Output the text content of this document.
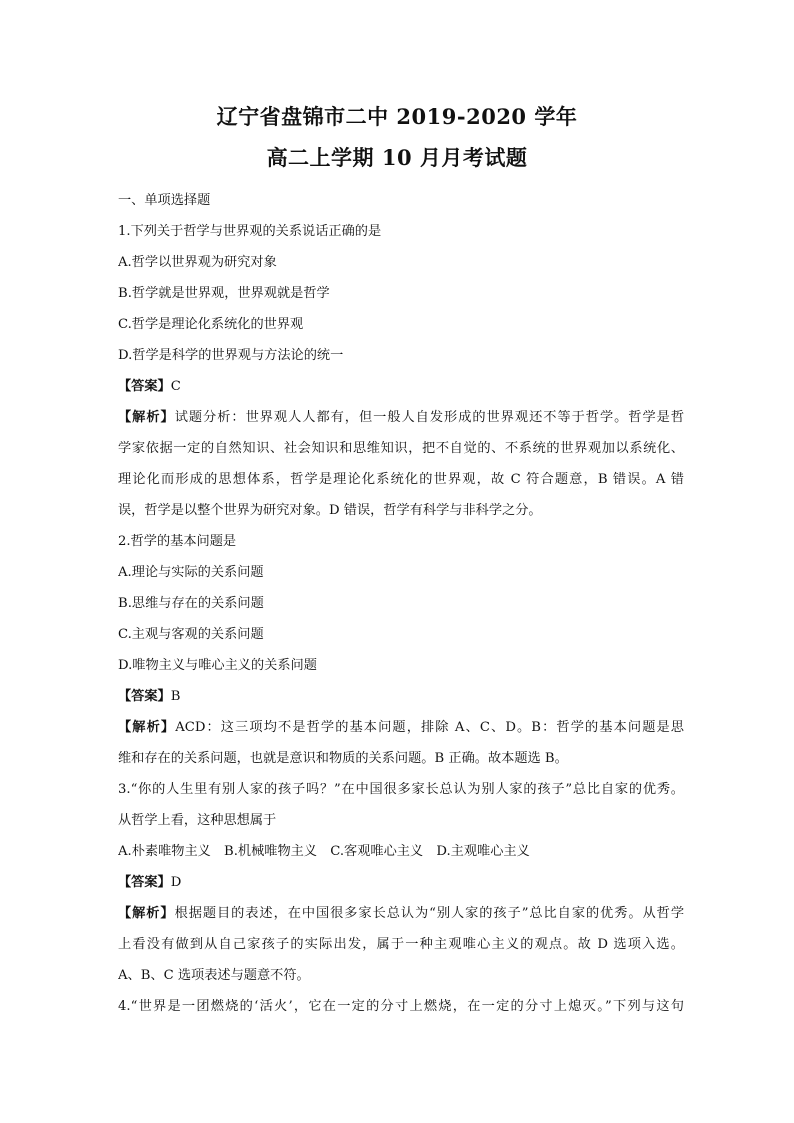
辽宁省盘锦市二中 2019-2020 学年
高二上学期 10 月月考试题
一、单项选择题
1.下列关于哲学与世界观的关系说话正确的是
A.哲学以世界观为研究对象
B.哲学就是世界观，世界观就是哲学
C.哲学是理论化系统化的世界观
D.哲学是科学的世界观与方法论的统一
【答案】C
【解析】试题分析：世界观人人都有，但一般人自发形成的世界观还不等于哲学。哲学是哲
学家依据一定的自然知识、社会知识和思维知识，把不自觉的、不系统的世界观加以系统化、
理论化而形成的思想体系，哲学是理论化系统化的世界观，故 C 符合题意，B 错误。A 错
误，哲学是以整个世界为研究对象。D 错误，哲学有科学与非科学之分。
2.哲学的基本问题是
A.理论与实际的关系问题
B.思维与存在的关系问题
C.主观与客观的关系问题
D.唯物主义与唯心主义的关系问题
【答案】B
【解析】ACD：这三项均不是哲学的基本问题，排除 A、C、D。B：哲学的基本问题是思
维和存在的关系问题，也就是意识和物质的关系问题。B 正确。故本题选 B。
3.“你的人生里有别人家的孩子吗？”在中国很多家长总认为别人家的孩子”总比自家的优秀。
从哲学上看，这种思想属于
A.朴素唯物主义　B.机械唯物主义　C.客观唯心主义　D.主观唯心主义
【答案】D
【解析】根据题目的表述，在中国很多家长总认为“别人家的孩子”总比自家的优秀。从哲学
上看没有做到从自己家孩子的实际出发，属于一种主观唯心主义的观点。故 D 选项入选。
A、B、C 选项表述与题意不符。
4.“世界是一团燃烧的‘活火’，它在一定的分寸上燃烧，在一定的分寸上熄灭。”下列与这句
